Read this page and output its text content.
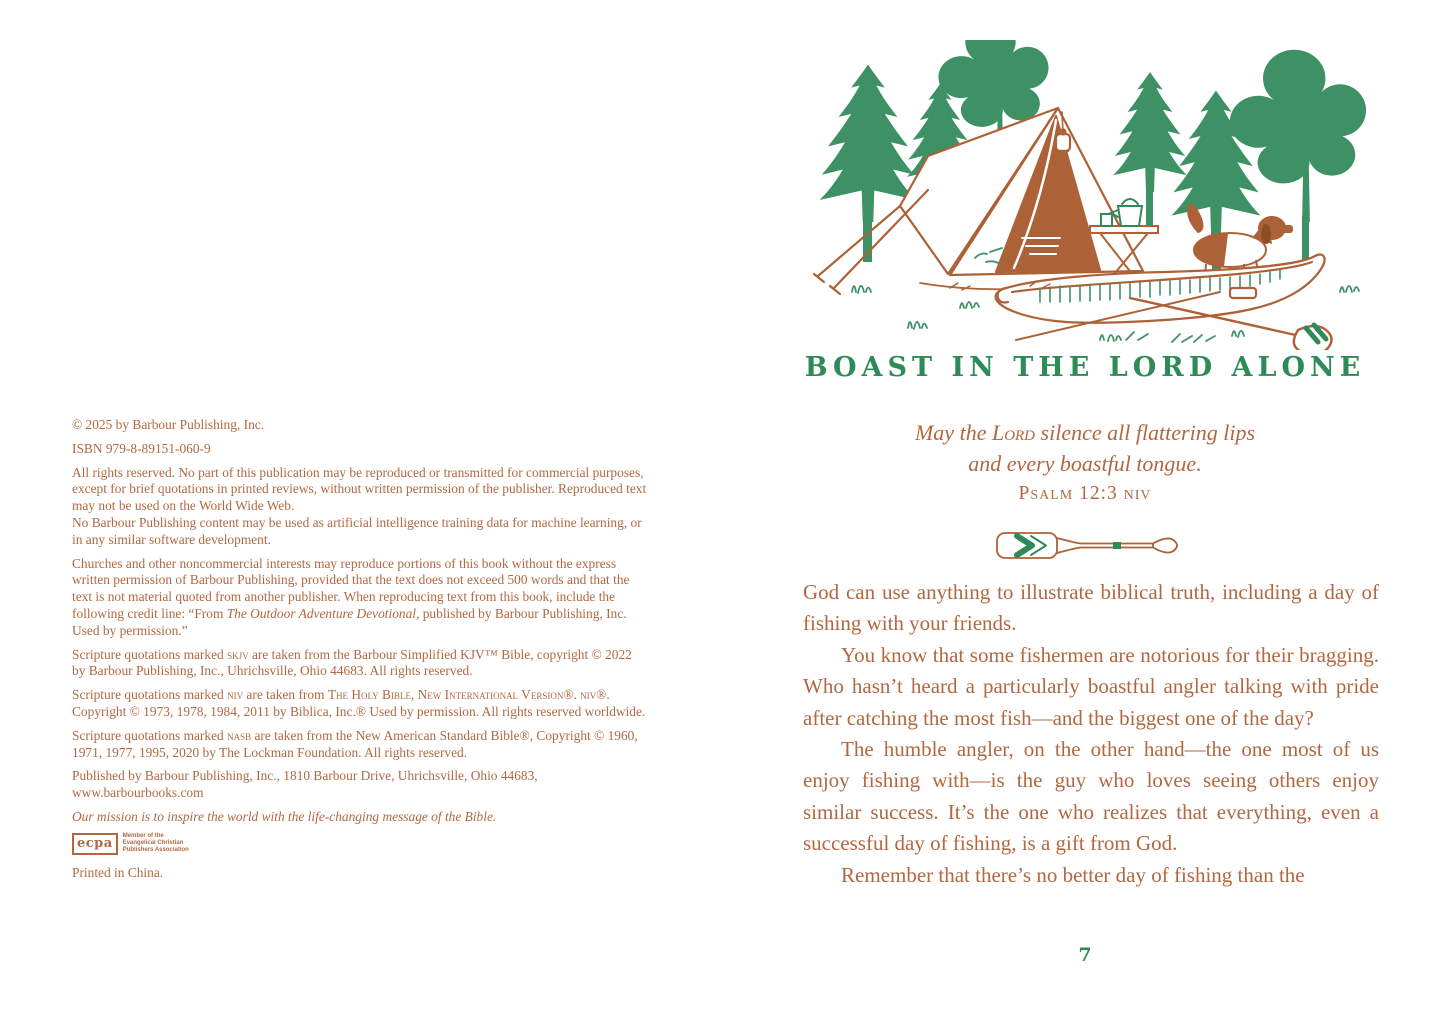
© 2025 by Barbour Publishing, Inc.

ISBN 979-8-89151-060-9

All rights reserved. No part of this publication may be reproduced or transmitted for commercial purposes, except for brief quotations in printed reviews, without written permission of the publisher. Reproduced text may not be used on the World Wide Web.
No Barbour Publishing content may be used as artificial intelligence training data for machine learning, or in any similar software development.

Churches and other noncommercial interests may reproduce portions of this book without the express written permission of Barbour Publishing, provided that the text does not exceed 500 words and that the text is not material quoted from another publisher. When reproducing text from this book, include the following credit line: “From The Outdoor Adventure Devotional, published by Barbour Publishing, Inc. Used by permission.”

Scripture quotations marked skjv are taken from the Barbour Simplified KJV™ Bible, copyright © 2022 by Barbour Publishing, Inc., Uhrichsville, Ohio 44683. All rights reserved.

Scripture quotations marked niv are taken from The Holy Bible, New International Version®. niv®. Copyright © 1973, 1978, 1984, 2011 by Biblica, Inc.® Used by permission. All rights reserved worldwide.

Scripture quotations marked nasb are taken from the New American Standard Bible®, Copyright © 1960, 1971, 1977, 1995, 2020 by The Lockman Foundation. All rights reserved.

Published by Barbour Publishing, Inc., 1810 Barbour Drive, Uhrichsville, Ohio 44683, www.barbourbooks.com

Our mission is to inspire the world with the life-changing message of the Bible.

ecpa	Member of the
Evangelical Christian
Publishers Association

Printed in China.

BOAST IN THE LORD ALONE
May the Lord silence all flattering lips
and every boastful tongue.
Psalm 12:3 niv

God can use anything to illustrate biblical truth, including a day of fishing with your friends.

You know that some fishermen are notorious for their bragging. Who hasn’t heard a particularly boastful angler talking with pride after catching the most fish—and the biggest one of the day?

The humble angler, on the other hand—the one most of us enjoy fishing with—is the guy who loves seeing others enjoy similar success. It’s the one who realizes that everything, even a successful day of fishing, is a gift from God.

Remember that there’s no better day of fishing than the

7
